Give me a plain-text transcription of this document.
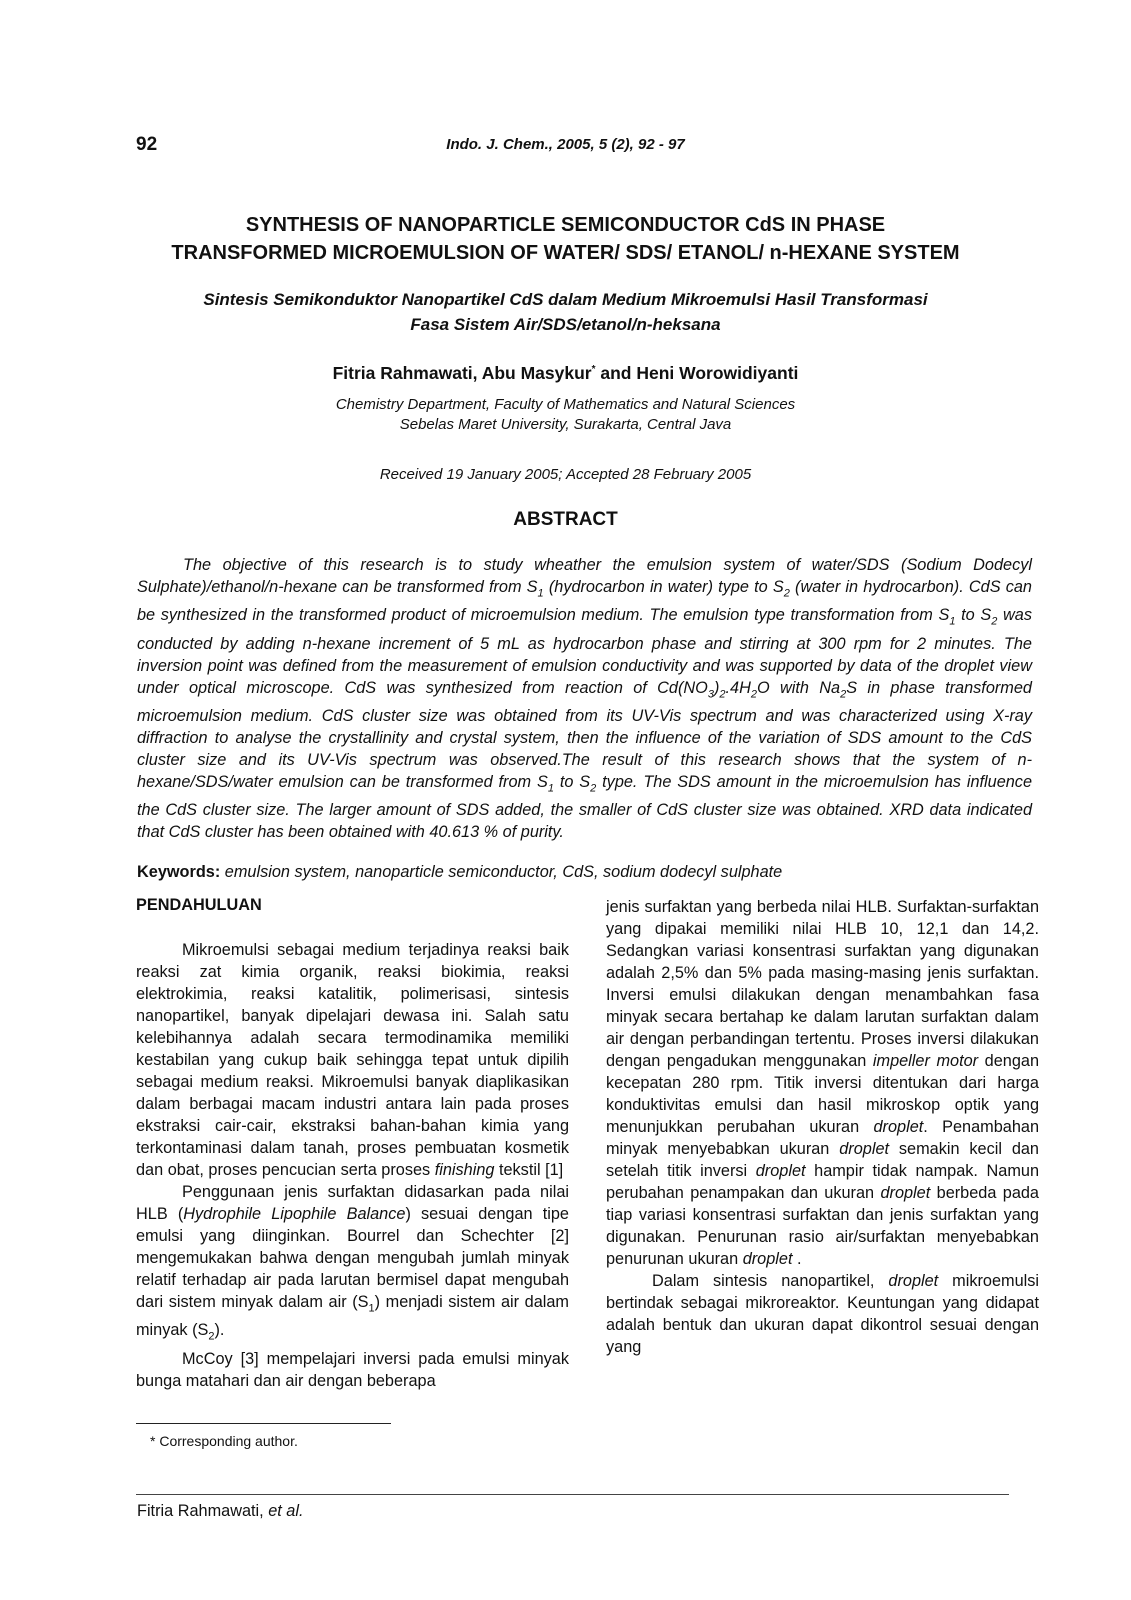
92	Indo. J. Chem., 2005, 5 (2), 92 - 97
SYNTHESIS OF NANOPARTICLE SEMICONDUCTOR CdS IN PHASE
TRANSFORMED MICROEMULSION OF WATER/ SDS/ ETANOL/ n-HEXANE SYSTEM
Sintesis Semikonduktor Nanopartikel CdS dalam Medium Mikroemulsi Hasil Transformasi
Fasa Sistem Air/SDS/etanol/n-heksana
Fitria Rahmawati, Abu Masykur* and Heni Worowidiyanti
Chemistry Department, Faculty of Mathematics and Natural Sciences
Sebelas Maret University, Surakarta, Central Java
Received 19 January 2005; Accepted 28 February 2005
ABSTRACT

The objective of this research is to study wheather the emulsion system of water/SDS (Sodium Dodecyl Sulphate)/ethanol/n-hexane can be transformed from $S_1$ (hydrocarbon in water) type to $S_2$ (water in hydrocarbon). CdS can be synthesized in the transformed product of microemulsion medium. The emulsion type transformation from $S_1$ to $S_2$ was conducted by adding n-hexane increment of 5 mL as hydrocarbon phase and stirring at 300 rpm for 2 minutes. The inversion point was defined from the measurement of emulsion conductivity and was supported by data of the droplet view under optical microscope. CdS was synthesized from reaction of $Cd(NO_3)_2.4H_2O$ with $Na_2S$ in phase transformed microemulsion medium. CdS cluster size was obtained from its UV-Vis spectrum and was characterized using X-ray diffraction to analyse the crystallinity and crystal system, then the influence of the variation of SDS amount to the CdS cluster size and its UV-Vis spectrum was observed.The result of this research shows that the system of n-hexane/SDS/water emulsion can be transformed from $S_1$ to $S_2$ type. The SDS amount in the microemulsion has influence the CdS cluster size. The larger amount of SDS added, the smaller of CdS cluster size was obtained. XRD data indicated that CdS cluster has been obtained with 40.613 % of purity.

Keywords: emulsion system, nanoparticle semiconductor, CdS, sodium dodecyl sulphate
PENDAHULUAN

Mikroemulsi sebagai medium terjadinya reaksi baik reaksi zat kimia organik, reaksi biokimia, reaksi elektrokimia, reaksi katalitik, polimerisasi, sintesis nanopartikel, banyak dipelajari dewasa ini. Salah satu kelebihannya adalah secara termodinamika memiliki kestabilan yang cukup baik sehingga tepat untuk dipilih sebagai medium reaksi. Mikroemulsi banyak diaplikasikan dalam berbagai macam industri antara lain pada proses ekstraksi cair-cair, ekstraksi bahan-bahan kimia yang terkontaminasi dalam tanah, proses pembuatan kosmetik dan obat, proses pencucian serta proses finishing tekstil [1]

Penggunaan jenis surfaktan didasarkan pada nilai HLB (Hydrophile Lipophile Balance) sesuai dengan tipe emulsi yang diinginkan. Bourrel dan Schechter [2] mengemukakan bahwa dengan mengubah jumlah minyak relatif terhadap air pada larutan bermisel dapat mengubah dari sistem minyak dalam air $(S_1)$ menjadi sistem air dalam minyak $(S_2)$.

McCoy [3] mempelajari inversi pada emulsi minyak bunga matahari dan air dengan beberapa

jenis surfaktan yang berbeda nilai HLB. Surfaktan-surfaktan yang dipakai memiliki nilai HLB 10, 12,1 dan 14,2. Sedangkan variasi konsentrasi surfaktan yang digunakan adalah 2,5% dan 5% pada masing-masing jenis surfaktan. Inversi emulsi dilakukan dengan menambahkan fasa minyak secara bertahap ke dalam larutan surfaktan dalam air dengan perbandingan tertentu. Proses inversi dilakukan dengan pengadukan menggunakan impeller motor dengan kecepatan 280 rpm. Titik inversi ditentukan dari harga konduktivitas emulsi dan hasil mikroskop optik yang menunjukkan perubahan ukuran droplet. Penambahan minyak menyebabkan ukuran droplet semakin kecil dan setelah titik inversi droplet hampir tidak nampak. Namun perubahan penampakan dan ukuran droplet berbeda pada tiap variasi konsentrasi surfaktan dan jenis surfaktan yang digunakan. Penurunan rasio air/surfaktan menyebabkan penurunan ukuran droplet .

Dalam sintesis nanopartikel, droplet mikroemulsi bertindak sebagai mikroreaktor. Keuntungan yang didapat adalah bentuk dan ukuran dapat dikontrol sesuai dengan yang

* Corresponding author.
Fitria Rahmawati, et al.
